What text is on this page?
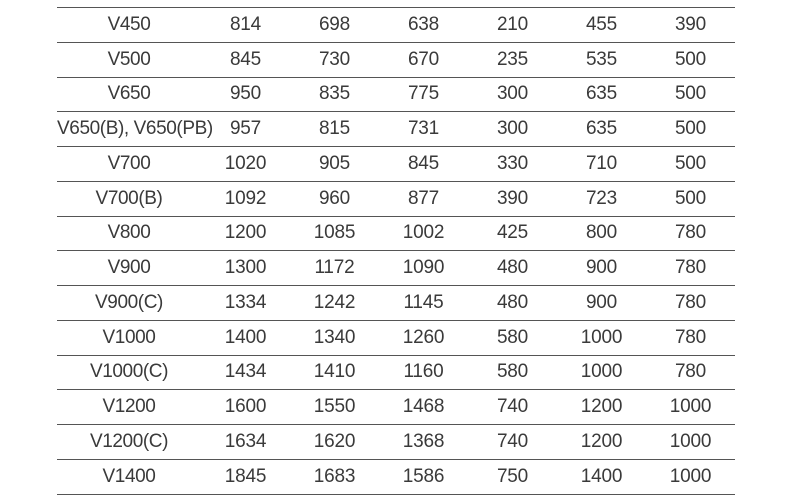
V450	814	698	638	210	455	390
V500	845	730	670	235	535	500
V650	950	835	775	300	635	500
V650(B), V650(PB)	957	815	731	300	635	500
V700	1020	905	845	330	710	500
V700(B)	1092	960	877	390	723	500
V800	1200	1085	1002	425	800	780
V900	1300	1172	1090	480	900	780
V900(C)	1334	1242	1145	480	900	780
V1000	1400	1340	1260	580	1000	780
V1000(C)	1434	1410	1160	580	1000	780
V1200	1600	1550	1468	740	1200	1000
V1200(C)	1634	1620	1368	740	1200	1000
V1400	1845	1683	1586	750	1400	1000
